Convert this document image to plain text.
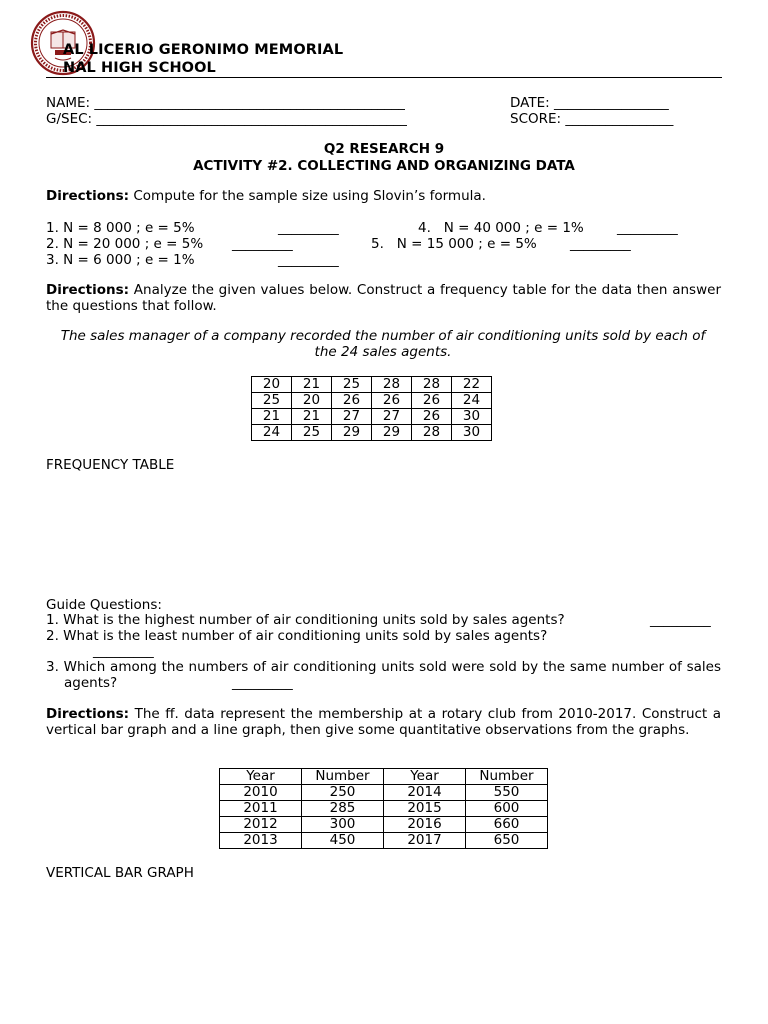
AL LICERIO GERONIMO MEMORIAL
NAL HIGH SCHOOL
NAME: ______________________________________________	DATE: _________________
G/SEC: ______________________________________________	SCORE: ________________
Q2 RESEARCH 9
ACTIVITY #2. COLLECTING AND ORGANIZING DATA
Directions: Compute for the sample size using Slovin’s formula.
1. N = 8 000 ; e = 5%	_________	4.   N = 40 000 ; e = 1% _________
2. N = 20 000 ; e = 5% _________	5.   N = 15 000 ; e = 5% _________
3. N = 6 000 ; e = 1%	_________
Directions: Analyze the given values below. Construct a frequency table for the data then answer the questions that follow.
The sales manager of a company recorded the number of air conditioning units sold by each of the 24 sales agents.
20	21	25	28	28	22
25	20	26	26	26	24
21	21	27	27	26	30
24	25	29	29	28	30
FREQUENCY TABLE
Guide Questions:
1. What is the highest number of air conditioning units sold by sales agents?	_________
2. What is the least number of air conditioning units sold by sales agents?
_________
3. Which among the numbers of air conditioning units sold were sold by the same number of sales agents?	_________
Directions: The ff. data represent the membership at a rotary club from 2010-2017. Construct a vertical bar graph and a line graph, then give some quantitative observations from the graphs.
Year	Number	Year	Number
2010	250	2014	550
2011	285	2015	600
2012	300	2016	660
2013	450	2017	650
VERTICAL BAR GRAPH
